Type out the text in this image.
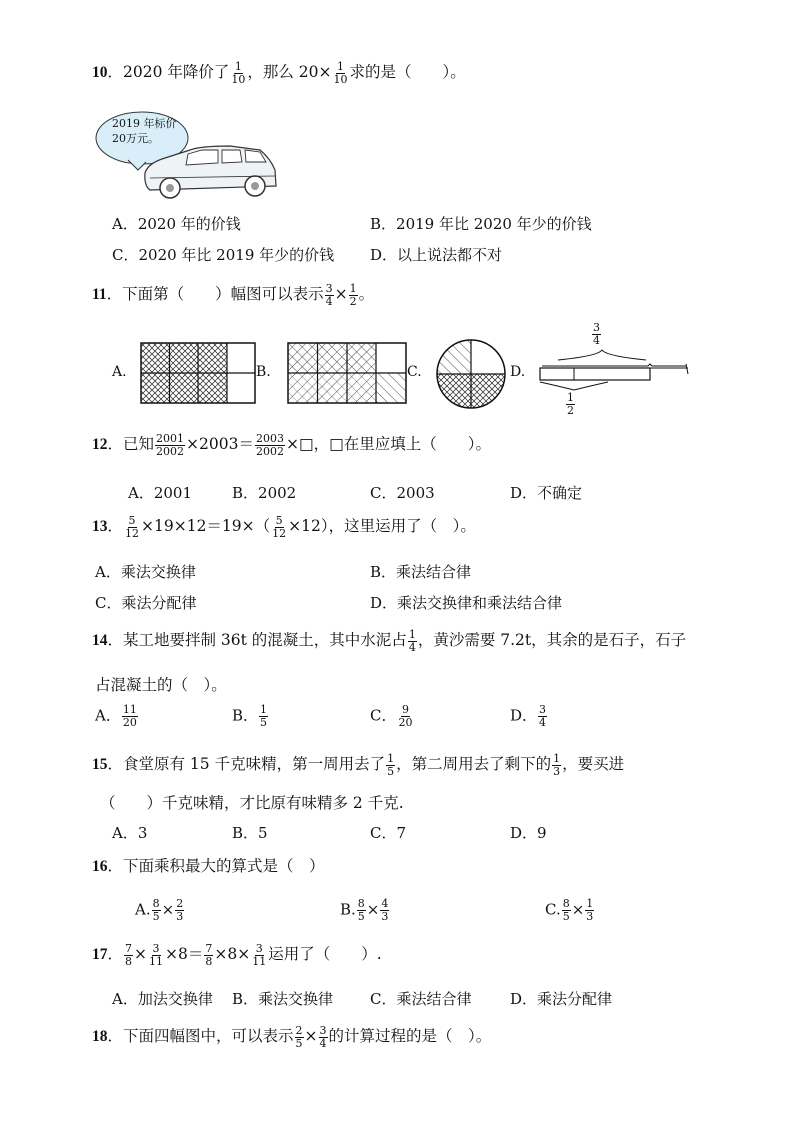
10．2020 年降价了 $\frac{1}{10}$ ，那么 $20\times \frac{1}{10}$ 求的是（　　）。
2019 年标价
20万元。
A．2020 年的价钱	B．2019 年比 2020 年少的价钱
C．2020 年比 2019 年少的价钱 D．以上说法都不对
11．下面第（　　）幅图可以表示 $\frac{3}{4} \times \frac{1}{2}$ 。
A.	B.	C.	D.
$\frac{3}{4}$
$\frac{1}{2}$
12．已知 $\frac{2001}{2002} \times 2003= \frac{2003}{2002}$ ×□，□在里应填上（　　）。
A．2001	B．2002	C．2003	D．不确定
13． $\frac{5}{12} \times 19\times 12=19\times( \frac{5}{12} \times 12)$，这里运用了（　）。
A．乘法交换律	B．乘法结合律
C．乘法分配律	D．乘法交换律和乘法结合律
14．某工地要拌制 36t 的混凝土，其中水泥占 $\frac{1}{4}$ ，黄沙需要 7.2t，其余的是石子，石子
占混凝土的（　）。
A． $\frac{11}{20}$	B． $\frac{1}{5}$	C． $\frac{9}{20}$	D． $\frac{3}{4}$
15．食堂原有 15 千克味精，第一周用去了 $\frac{1}{5}$ ，第二周用去了剩下的 $\frac{1}{3}$ ，要买进
（　　）千克味精，才比原有味精多 2 千克.
A．3	B．5	C．7	D．9
16．下面乘积最大的算式是（　）
A. $\frac{8}{5} \times \frac{2}{3}$	B. $\frac{8}{5} \times \frac{4}{3}$	C. $\frac{8}{5} \times \frac{1}{3}$
17． $\frac{7}{8} \times \frac{3}{11} \times 8= \frac{7}{8} \times 8\times \frac{3}{11}$ 运用了（　　）.
A．加法交换律 B．乘法交换律 C．乘法结合律	D．乘法分配律
18．下面四幅图中，可以表示 $\frac{2}{5} \times \frac{3}{4}$ 的计算过程的是（　）。
